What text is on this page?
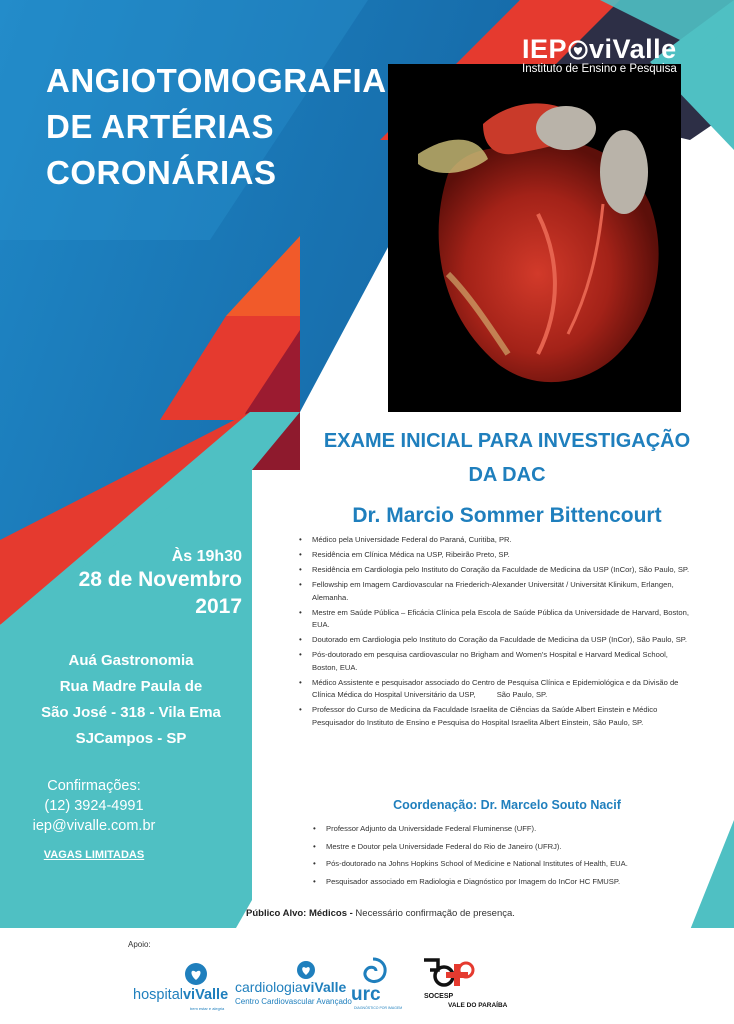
ANGIOTOMOGRAFIA
DE ARTÉRIAS
CORONÁRIAS
IEP viValle
Instituto de Ensino e Pesquisa
EXAME INICIAL PARA INVESTIGAÇÃO
DA DAC
Dr. Marcio Sommer Bittencourt
• Médico pela Universidade Federal do Paraná, Curitiba, PR.
• Residência em Clínica Médica na USP, Ribeirão Preto, SP.
• Residência em Cardiologia pelo Instituto do Coração da Faculdade de Medicina da USP (InCor), São Paulo, SP.
• Fellowship em Imagem Cardiovascular na Friederich-Alexander Universität / Universität Klinikum, Erlangen, Alemanha.
• Mestre em Saúde Pública – Eficácia Clínica pela Escola de Saúde Pública da Universidade de Harvard, Boston, EUA.
• Doutorado em Cardiologia pelo Instituto do Coração da Faculdade de Medicina da USP (InCor), São Paulo, SP.
• Pós-doutorado em pesquisa cardiovascular no Brigham and Women's Hospital e Harvard Medical School, Boston, EUA.
• Médico Assistente e pesquisador associado do Centro de Pesquisa Clínica e Epidemiológica e da Divisão de Clínica Médica do Hospital Universitário da USP,          São Paulo, SP.
• Professor do Curso de Medicina da Faculdade Israelita de Ciências da Saúde Albert Einstein e Médico Pesquisador do Instituto de Ensino e Pesquisa do Hospital Israelita Albert Einstein, São Paulo, SP.
Coordenação: Dr. Marcelo Souto Nacif
• Professor Adjunto da Universidade Federal Fluminense (UFF).
• Mestre e Doutor pela Universidade Federal do Rio de Janeiro (UFRJ).
• Pós-doutorado na Johns Hopkins School of Medicine e National Institutes of Health, EUA.
• Pesquisador associado em Radiologia e Diagnóstico por Imagem do InCor HC FMUSP.
Às 19h30
28 de Novembro
2017
Auá Gastronomia
Rua Madre Paula de
São José - 318 - Vila Ema
SJCampos - SP
Confirmações:
(12) 3924-4991
iep@vivalle.com.br
VAGAS LIMITADAS
Público Alvo: Médicos - Necessário confirmação de presença.
Apoio:
hospitalviValle
bem estar e alegria
cardiologiaviValle
Centro Cardiovascular Avançado urc
DIAGNÓSTICO POR IMAGEM
SOCESP
VALE DO PARAÍBA
